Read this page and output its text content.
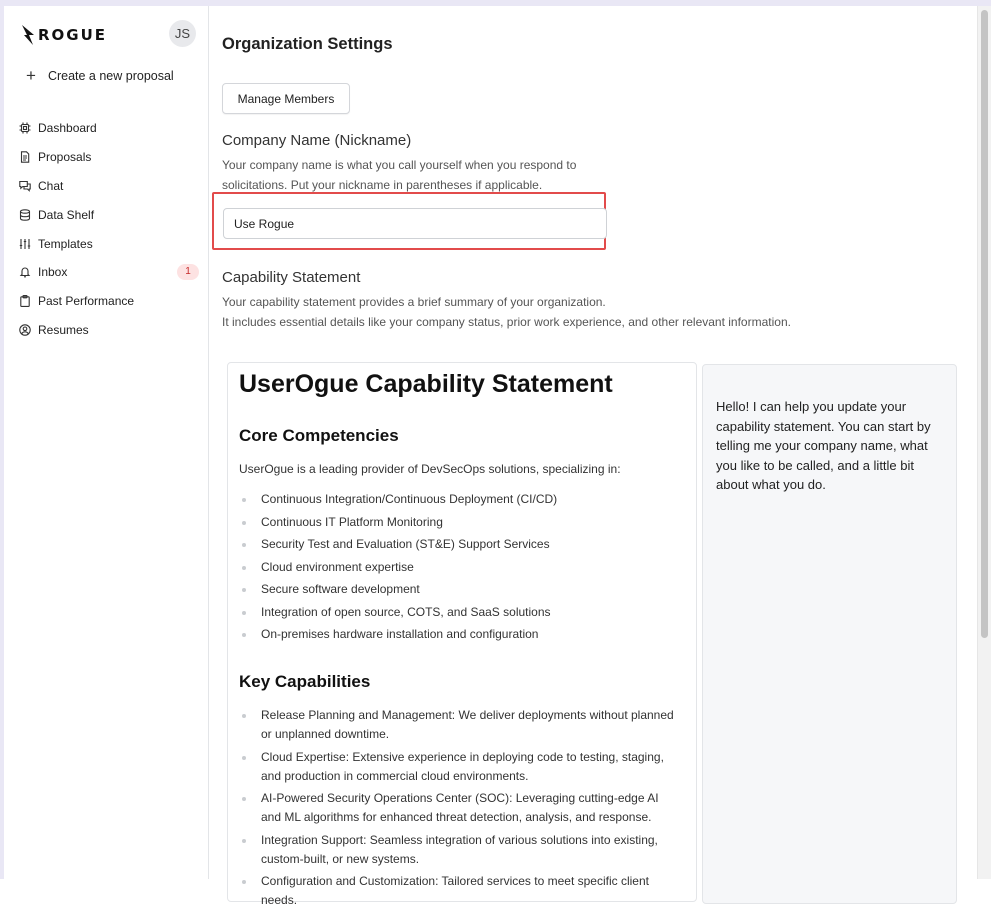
ROGUE	JS
+ Create a new proposal
Dashboard
Proposals
Chat
Data Shelf
Templates
Inbox	1
Past Performance
Resumes
Organization Settings
Manage Members
Company Name (Nickname)
Your company name is what you call yourself when you respond to solicitations. Put your nickname in parentheses if applicable.
Use Rogue
Capability Statement
Your capability statement provides a brief summary of your organization.
It includes essential details like your company status, prior work experience, and other relevant information.
UserOgue Capability Statement
Core Competencies
UserOgue is a leading provider of DevSecOps solutions, specializing in:
Continuous Integration/Continuous Deployment (CI/CD)
Continuous IT Platform Monitoring
Security Test and Evaluation (ST&E) Support Services
Cloud environment expertise
Secure software development
Integration of open source, COTS, and SaaS solutions
On-premises hardware installation and configuration
Key Capabilities
Release Planning and Management: We deliver deployments without planned or unplanned downtime.
Cloud Expertise: Extensive experience in deploying code to testing, staging, and production in commercial cloud environments.
AI-Powered Security Operations Center (SOC): Leveraging cutting-edge AI and ML algorithms for enhanced threat detection, analysis, and response.
Integration Support: Seamless integration of various solutions into existing, custom-built, or new systems.
Configuration and Customization: Tailored services to meet specific client needs.
Hello! I can help you update your capability statement. You can start by telling me your company name, what you like to be called, and a little bit about what you do.
